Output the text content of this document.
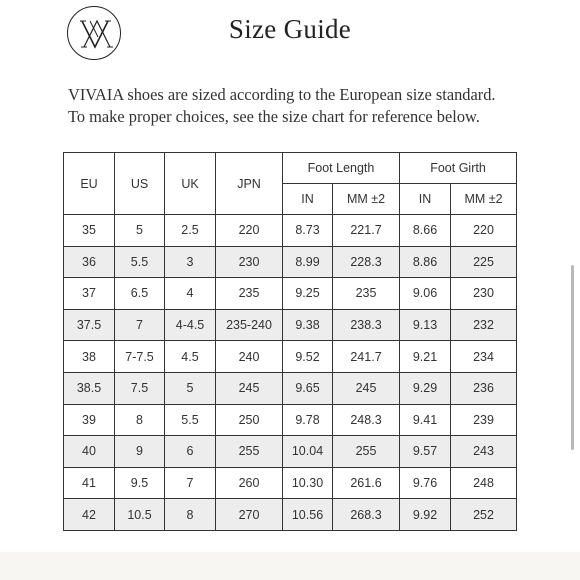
Size Guide
VIVAIA shoes are sized according to the European size standard.
To make proper choices, see the size chart for reference below.
EU	US	UK	JPN	Foot Length		Foot Girth	
				IN	MM ±2	IN	MM ±2
35	5	2.5	220	8.73	221.7	8.66	220
36	5.5	3	230	8.99	228.3	8.86	225
37	6.5	4	235	9.25	235	9.06	230
37.5	7	4-4.5	235-240	9.38	238.3	9.13	232
38	7-7.5	4.5	240	9.52	241.7	9.21	234
38.5	7.5	5	245	9.65	245	9.29	236
39	8	5.5	250	9.78	248.3	9.41	239
40	9	6	255	10.04	255	9.57	243
41	9.5	7	260	10.30	261.6	9.76	248
42	10.5	8	270	10.56	268.3	9.92	252
